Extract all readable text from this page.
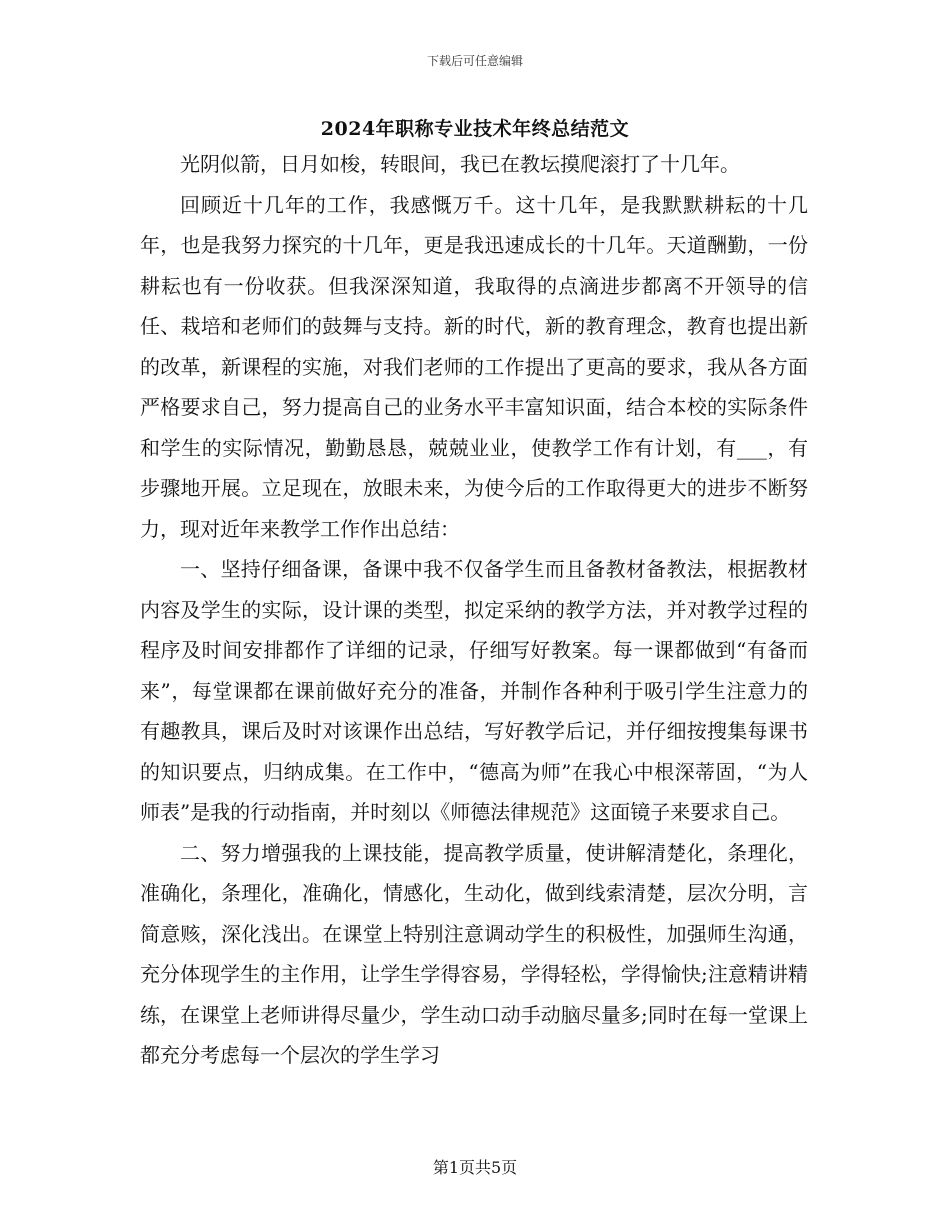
下载后可任意编辑
2024年职称专业技术年终总结范文

光阴似箭，日月如梭，转眼间，我已在教坛摸爬滚打了十几年。

回顾近十几年的工作，我感慨万千。这十几年，是我默默耕耘的十几年，也是我努力探究的十几年，更是我迅速成长的十几年。天道酬勤，一份耕耘也有一份收获。但我深深知道，我取得的点滴进步都离不开领导的信任、栽培和老师们的鼓舞与支持。新的时代，新的教育理念，教育也提出新的改革，新课程的实施，对我们老师的工作提出了更高的要求，我从各方面严格要求自己，努力提高自己的业务水平丰富知识面，结合本校的实际条件和学生的实际情况，勤勤恳恳，兢兢业业，使教学工作有计划，有___，有步骤地开展。立足现在，放眼未来，为使今后的工作取得更大的进步不断努力，现对近年来教学工作作出总结：

一、坚持仔细备课，备课中我不仅备学生而且备教材备教法，根据教材内容及学生的实际，设计课的类型，拟定采纳的教学方法，并对教学过程的程序及时间安排都作了详细的记录，仔细写好教案。每一课都做到“有备而来”，每堂课都在课前做好充分的准备，并制作各种利于吸引学生注意力的有趣教具，课后及时对该课作出总结，写好教学后记，并仔细按搜集每课书的知识要点，归纳成集。在工作中，“德高为师”在我心中根深蒂固，“为人师表”是我的行动指南，并时刻以《师德法律规范》这面镜子来要求自己。

二、努力增强我的上课技能，提高教学质量，使讲解清楚化，条理化，准确化，条理化，准确化，情感化，生动化，做到线索清楚，层次分明，言简意赅，深化浅出。在课堂上特别注意调动学生的积极性，加强师生沟通，充分体现学生的主作用，让学生学得容易，学得轻松，学得愉快;注意精讲精练，在课堂上老师讲得尽量少，学生动口动手动脑尽量多;同时在每一堂课上都充分考虑每一个层次的学生学习

第1页共5页
